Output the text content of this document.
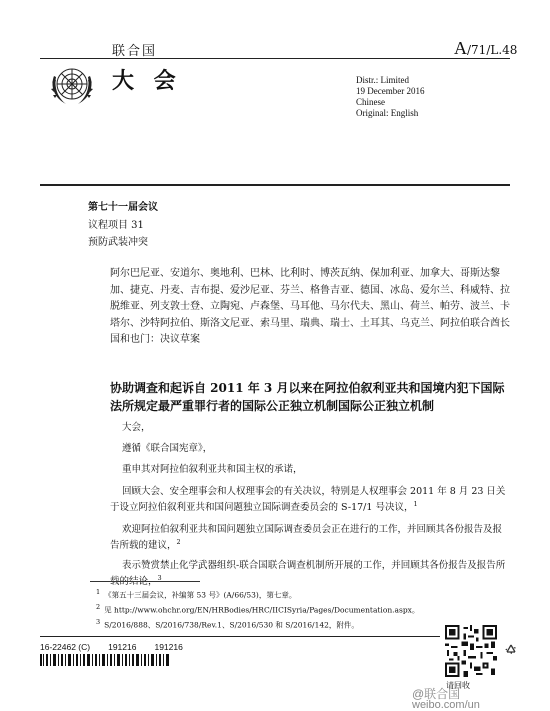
联合国	A/71/L.48
大 会	Distr.: Limited
19 December 2016
Chinese
Original: English
第七十一届会议
议程项目 31
预防武装冲突
阿尔巴尼亚、安道尔、奥地利、巴林、比利时、博茨瓦纳、保加利亚、加拿大、哥斯达黎加、捷克、丹麦、吉布提、爱沙尼亚、芬兰、格鲁吉亚、德国、冰岛、爱尔兰、科威特、拉脱维亚、列支敦士登、立陶宛、卢森堡、马耳他、马尔代夫、黑山、荷兰、帕劳、波兰、卡塔尔、沙特阿拉伯、斯洛文尼亚、索马里、瑞典、瑞士、土耳其、乌克兰、阿拉伯联合酋长国和也门：决议草案
协助调查和起诉自 2011 年 3 月以来在阿拉伯叙利亚共和国境内犯下国际法所规定最严重罪行者的国际公正独立机制国际公正独立机制
大会，
遵循《联合国宪章》，
重申其对阿拉伯叙利亚共和国主权的承诺，
回顾大会、安全理事会和人权理事会的有关决议，特别是人权理事会 2011 年 8 月 23 日关于设立阿拉伯叙利亚共和国问题独立国际调查委员会的 S-17/1 号决议，$^1$
欢迎阿拉伯叙利亚共和国问题独立国际调查委员会正在进行的工作，并回顾其各份报告及报告所载的建议，$^2$
表示赞赏禁止化学武器组织-联合国联合调查机制所开展的工作，并回顾其各份报告及报告所载的结论，$^3$
1 《第五十三届会议，补编第 53 号》(A/66/53)，第七章。
2 见 http://www.ohchr.org/EN/HRBodies/HRC/IICISyria/Pages/Documentation.aspx。
3 S/2016/888、S/2016/738/Rev.1、S/2016/530 和 S/2016/142，附件。
16-22462 (C) 191216 191216
请回收
@联合国
weibo.com/un
